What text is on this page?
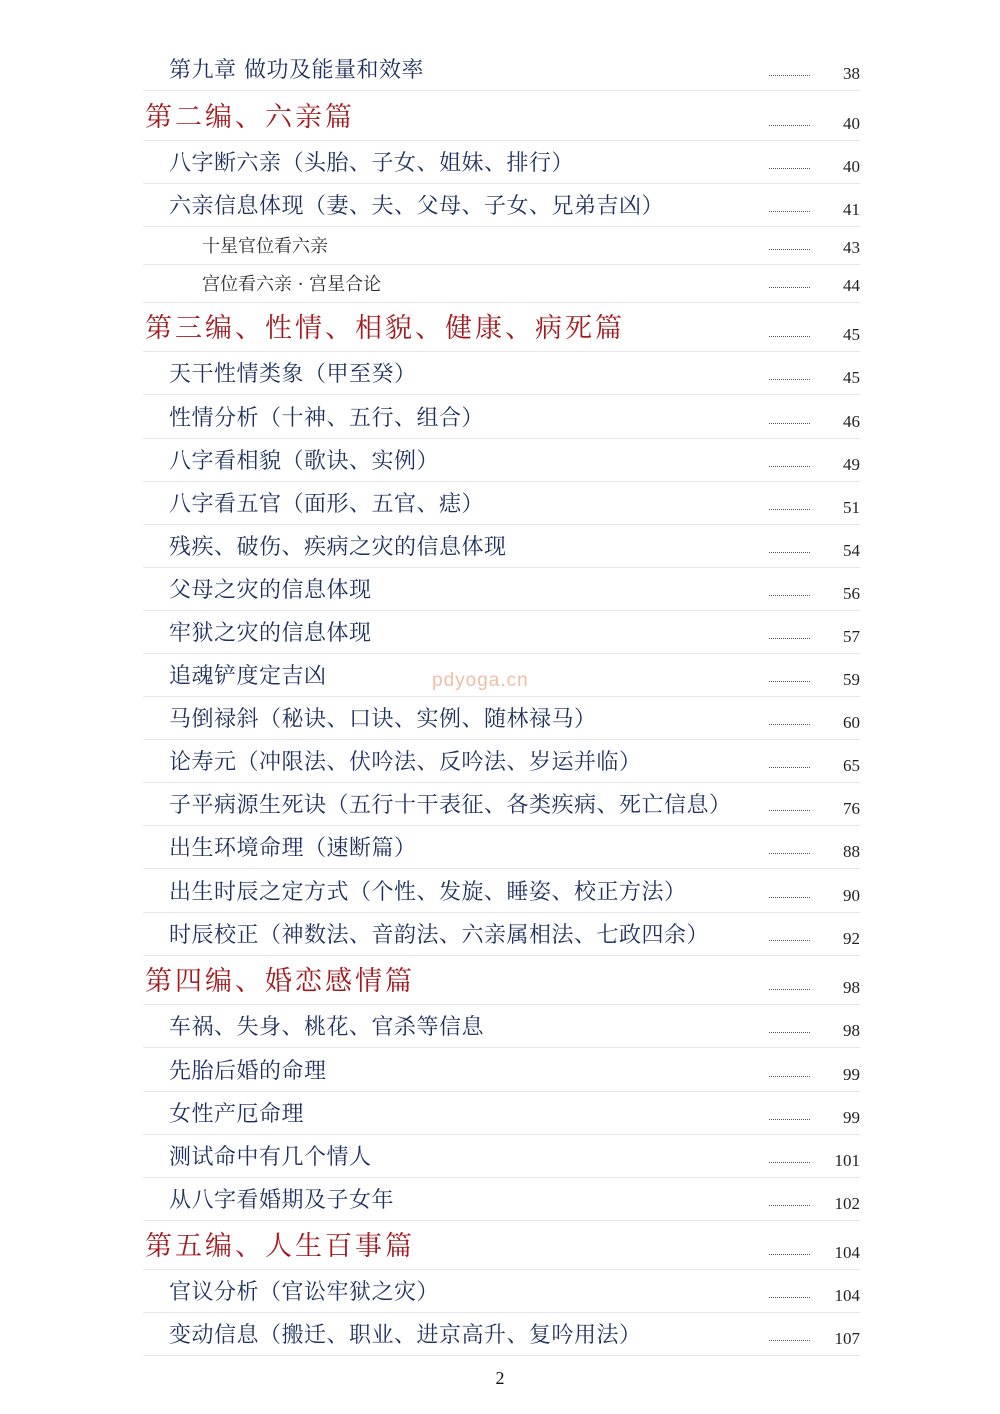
第九章 做功及能量和效率	38
第二编、六亲篇	40
八字断六亲（头胎、子女、姐妹、排行）	40
六亲信息体现（妻、夫、父母、子女、兄弟吉凶）	41
十星官位看六亲	43
宫位看六亲 · 宫星合论	44
第三编、性情、相貌、健康、病死篇	45
天干性情类象（甲至癸）	45
性情分析（十神、五行、组合）	46
八字看相貌（歌诀、实例）	49
八字看五官（面形、五官、痣）	51
残疾、破伤、疾病之灾的信息体现	54
父母之灾的信息体现	56
牢狱之灾的信息体现	57
追魂铲度定吉凶	59
马倒禄斜（秘诀、口诀、实例、随林禄马）	60
论寿元（冲限法、伏吟法、反吟法、岁运并临）	65
子平病源生死诀（五行十干表征、各类疾病、死亡信息）	76
出生环境命理（速断篇）	88
出生时辰之定方式（个性、发旋、睡姿、校正方法）	90
时辰校正（神数法、音韵法、六亲属相法、七政四余）	92
第四编、婚恋感情篇	98
车祸、失身、桃花、官杀等信息	98
先胎后婚的命理	99
女性产厄命理	99
测试命中有几个情人	101
从八字看婚期及子女年	102
第五编、人生百事篇	104
官议分析（官讼牢狱之灾）	104
变动信息（搬迁、职业、进京高升、复吟用法）	107
pdyoga.cn
2
